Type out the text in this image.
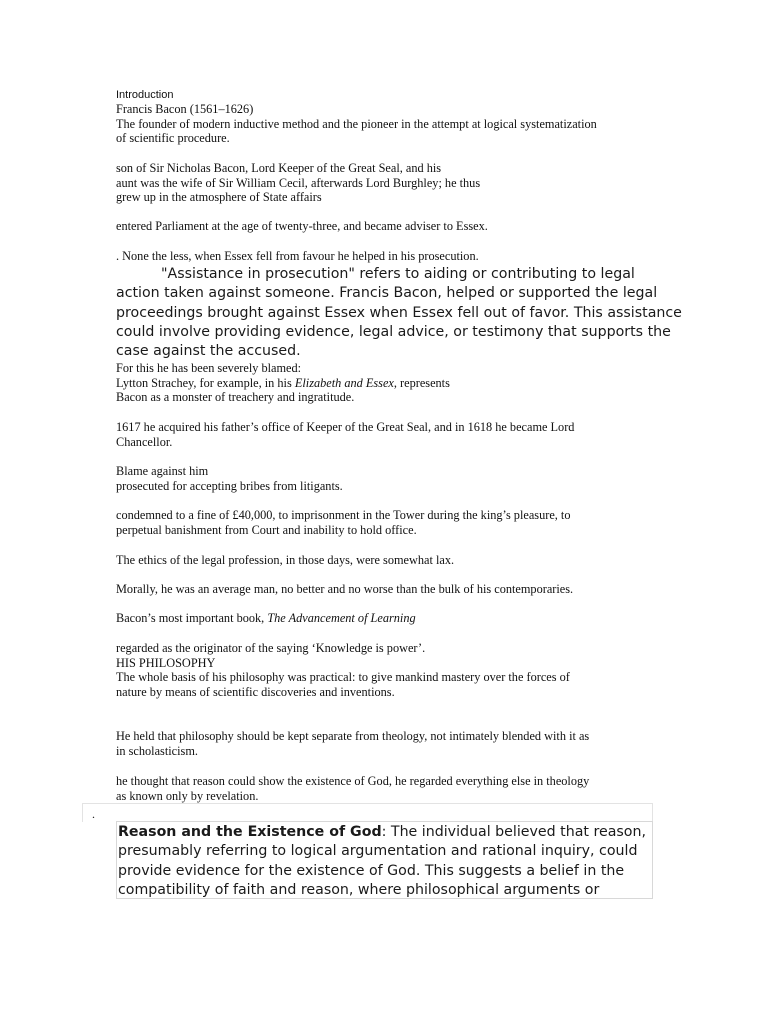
Introduction
Francis Bacon (1561–1626)
The founder of modern inductive method and the pioneer in the attempt at logical systematization
of scientific procedure.
son of Sir Nicholas Bacon, Lord Keeper of the Great Seal, and his
aunt was the wife of Sir William Cecil, afterwards Lord Burghley; he thus
grew up in the atmosphere of State affairs
entered Parliament at the age of twenty-three, and became adviser to Essex.
. None the less, when Essex fell from favour he helped in his prosecution.
"Assistance in prosecution" refers to aiding or contributing to legal
action taken against someone. Francis Bacon, helped or supported the legal
proceedings brought against Essex when Essex fell out of favor. This assistance
could involve providing evidence, legal advice, or testimony that supports the
case against the accused.
For this he has been severely blamed:
Lytton Strachey, for example, in his Elizabeth and Essex, represents
Bacon as a monster of treachery and ingratitude.
1617 he acquired his father’s office of Keeper of the Great Seal, and in 1618 he became Lord
Chancellor.
Blame against him
prosecuted for accepting bribes from litigants.
condemned to a fine of £40,000, to imprisonment in the Tower during the king’s pleasure, to
perpetual banishment from Court and inability to hold office.
The ethics of the legal profession, in those days, were somewhat lax.
Morally, he was an average man, no better and no worse than the bulk of his contemporaries.
Bacon’s most important book, The Advancement of Learning
regarded as the originator of the saying ‘Knowledge is power’.
HIS PHILOSOPHY
The whole basis of his philosophy was practical: to give mankind mastery over the forces of
nature by means of scientific discoveries and inventions.
He held that philosophy should be kept separate from theology, not intimately blended with it as
in scholasticism.
he thought that reason could show the existence of God, he regarded everything else in theology
as known only by revelation.
.
Reason and the Existence of God: The individual believed that reason,
presumably referring to logical argumentation and rational inquiry, could
provide evidence for the existence of God. This suggests a belief in the
compatibility of faith and reason, where philosophical arguments or
